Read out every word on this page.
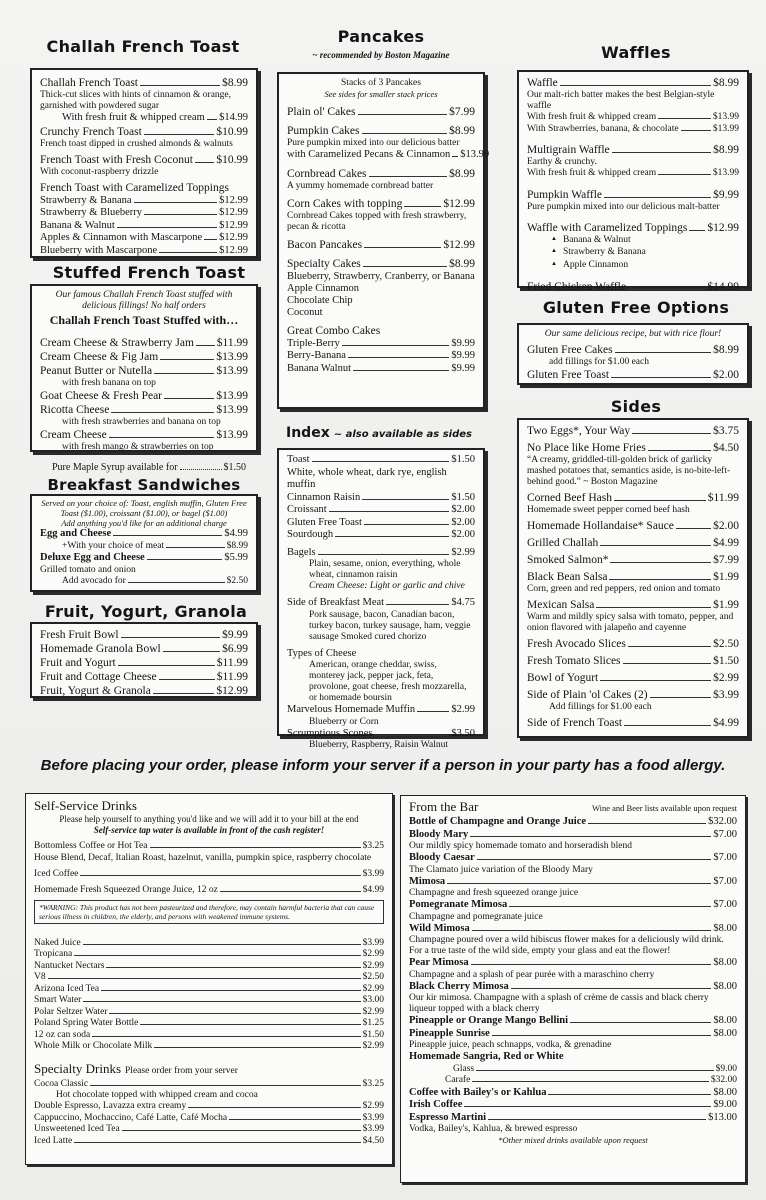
Challah French Toast
Challah French Toast	$8.99
Thick-cut slices with hints of cinnamon & orange, garnished with powdered sugar
With fresh fruit & whipped cream $14.99
Crunchy French Toast	$10.99
French toast dipped in crushed almonds & walnuts
French Toast with Fresh Coconut $10.99
With coconut-raspberry drizzle
French Toast with Caramelized Toppings
Strawberry & Banana	$12.99
Strawberry & Blueberry	$12.99
Banana & Walnut	$12.99
Apples & Cinnamon with Mascarpone $12.99
Blueberry with Mascarpone	$12.99
Stuffed French Toast
Our famous Challah French Toast stuffed with delicious fillings! No half orders
Challah French Toast Stuffed with…
Cream Cheese & Strawberry Jam $11.99
Cream Cheese & Fig Jam	$13.99
Peanut Butter or Nutella	$13.99
with fresh banana on top
Goat Cheese & Fresh Pear	$13.99
Ricotta Cheese	$13.99
with fresh strawberries and banana on top
Cream Cheese	$13.99
with fresh mango & strawberries on top
Pure Maple Syrup available for	$1.50
Breakfast Sandwiches
Served on your choice of: Toast, english muffin, Gluten Free Toast ($1.00), croissant ($1.00), or bagel ($1.00)
Add anything you'd like for an additional charge
Egg and Cheese	$4.99
+With your choice of meat	$8.99
Deluxe Egg and Cheese	$5.99
Grilled tomato and onion
Add avocado for	$2.50
Fruit, Yogurt, Granola
Fresh Fruit Bowl	$9.99
Homemade Granola Bowl	$6.99
Fruit and Yogurt	$11.99
Fruit and Cottage Cheese	$11.99
Fruit, Yogurt & Granola	$12.99
Pancakes
~ recommended by Boston Magazine
Stacks of 3 Pancakes
See sides for smaller stack prices
Plain ol' Cakes	$7.99
Pumpkin Cakes	$8.99
Pure pumpkin mixed into our delicious batter
with Caramelized Pecans & Cinnamon $13.99
Cornbread Cakes	$8.99
A yummy homemade cornbread batter
Corn Cakes with topping	$12.99
Cornbread Cakes topped with fresh strawberry, pecan & ricotta
Bacon Pancakes	$12.99
Specialty Cakes	$8.99
Blueberry, Strawberry, Cranberry, or Banana
Apple Cinnamon
Chocolate Chip
Coconut
Great Combo Cakes
Triple-Berry	$9.99
Berry-Banana	$9.99
Banana Walnut	$9.99
Index ~ also available as sides
Toast	$1.50
White, whole wheat, dark rye, english muffin
Cinnamon Raisin	$1.50
Croissant	$2.00
Gluten Free Toast	$2.00
Sourdough	$2.00
Bagels	$2.99
Plain, sesame, onion, everything, whole wheat, cinnamon raisin
Cream Cheese: Light or garlic and chive
Side of Breakfast Meat	$4.75
Pork sausage, bacon, Canadian bacon, turkey bacon, turkey sausage, ham, veggie sausage Smoked cured chorizo
Types of Cheese
American, orange cheddar, swiss, monterey jack, pepper jack, feta, provolone, goat cheese, fresh mozzarella, or homemade boursin
Marvelous Homemade Muffin	$2.99
Blueberry or Corn
Scrumptious Scones	$3.50
Blueberry, Raspberry, Raisin Walnut
Waffles
Waffle	$8.99
Our malt-rich batter makes the best Belgian-style waffle
With fresh fruit & whipped cream	$13.99
With Strawberries, banana, & chocolate	$13.99
Multigrain Waffle	$8.99
Earthy & crunchy.
With fresh fruit & whipped cream	$13.99
Pumpkin Waffle	$9.99
Pure pumpkin mixed into our delicious malt-batter
Waffle with Caramelized Toppings $12.99
▲ Banana & Walnut
▲ Strawberry & Banana
▲ Apple Cinnamon
Fried Chicken Waffle	$14.99
Gluten Free Options
Our same delicious recipe, but with rice flour!
Gluten Free Cakes	$8.99
add fillings for $1.00 each
Gluten Free Toast	$2.00
Sides
Two Eggs*, Your Way	$3.75
No Place like Home Fries	$4.50
“A creamy, griddled-till-golden brick of garlicky mashed potatoes that, semantics aside, is no-bite-left-behind good.” ~ Boston Magazine
Corned Beef Hash	$11.99
Homemade sweet pepper corned beef hash
Homemade Hollandaise* Sauce	$2.00
Grilled Challah	$4.99
Smoked Salmon*	$7.99
Black Bean Salsa	$1.99
Corn, green and red peppers, red onion and tomato
Mexican Salsa	$1.99
Warm and mildly spicy salsa with tomato, pepper, and onion flavored with jalapeño and cayenne
Fresh Avocado Slices	$2.50
Fresh Tomato Slices	$1.50
Bowl of Yogurt	$2.99
Side of Plain 'ol Cakes (2)	$3.99
Add fillings for $1.00 each
Side of French Toast	$4.99
Before placing your order, please inform your server if a person in your party has a food allergy.
Self-Service Drinks
Please help yourself to anything you'd like and we will add it to your bill at the end
Self-service tap water is available in front of the cash register!
Bottomless Coffee or Hot Tea	$3.25
House Blend, Decaf, Italian Roast, hazelnut, vanilla, pumpkin spice, raspberry chocolate
Iced Coffee	$3.99
Homemade Fresh Squeezed Orange Juice, 12 oz	$4.99
*WARNING: This product has not been pasteurized and therefore, may contain harmful bacteria that can cause serious illness in children, the elderly, and persons with weakened immune systems.
Naked Juice	$3.99
Tropicana	$2.99
Nantucket Nectars	$2.99
V8	$2.50
Arizona Iced Tea	$2.99
Smart Water	$3.00
Polar Seltzer Water	$2.99
Poland Spring Water Bottle	$1.25
12 oz can soda	$1.50
Whole Milk or Chocolate Milk	$2.99
Specialty Drinks Please order from your server
Cocoa Classic	$3.25
Hot chocolate topped with whipped cream and cocoa
Double Espresso, Lavazza extra creamy	$2.99
Cappuccino, Mochaccino, Café Latte, Café Mocha	$3.99
Unsweetened Iced Tea	$3.99
Iced Latte	$4.50
From the Bar	Wine and Beer lists available upon request
Bottle of Champagne and Orange Juice	$32.00
Bloody Mary	$7.00
Our mildly spicy homemade tomato and horseradish blend
Bloody Caesar	$7.00
The Clamato juice variation of the Bloody Mary
Mimosa	$7.00
Champagne and fresh squeezed orange juice
Pomegranate Mimosa	$7.00
Champagne and pomegranate juice
Wild Mimosa	$8.00
Champagne poured over a wild hibiscus flower makes for a deliciously wild drink. For a true taste of the wild side, empty your glass and eat the flower!
Pear Mimosa	$8.00
Champagne and a splash of pear purée with a maraschino cherry
Black Cherry Mimosa	$8.00
Our kir mimosa. Champagne with a splash of crème de cassis and black cherry liqueur topped with a black cherry
Pineapple or Orange Mango Bellini	$8.00
Pineapple Sunrise	$8.00
Pineapple juice, peach schnapps, vodka, & grenadine
Homemade Sangria, Red or White
Glass	$9.00
Carafe	$32.00
Coffee with Bailey's or Kahlua	$8.00
Irish Coffee	$9.00
Espresso Martini	$13.00
Vodka, Bailey's, Kahlua, & brewed espresso
*Other mixed drinks available upon request
